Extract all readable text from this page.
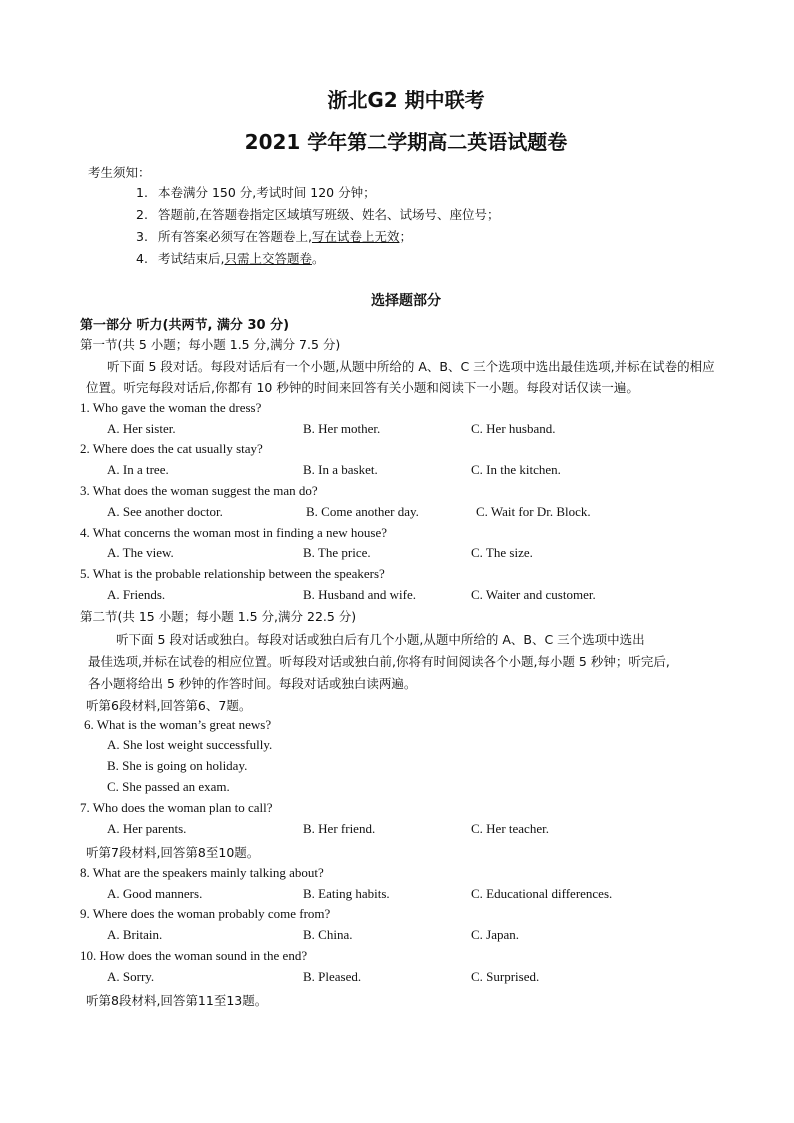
浙北G2 期中联考
2021 学年第二学期高二英语试题卷
考生须知：
1. 本卷满分 150 分,考试时间 120 分钟；
2. 答题前,在答题卷指定区域填写班级、姓名、试场号、座位号；
3. 所有答案必须写在答题卷上,写在试卷上无效；
4. 考试结束后,只需上交答题卷。
选择题部分
第一部分 听力(共两节, 满分 30 分)
第一节(共 5 小题；每小题 1.5 分,满分 7.5 分)
听下面 5 段对话。每段对话后有一个小题,从题中所给的 A、B、C 三个选项中选出最佳选项,并标在试卷的相应
位置。听完每段对话后,你都有 10 秒钟的时间来回答有关小题和阅读下一小题。每段对话仅读一遍。
1. Who gave the woman the dress?
A. Her sister.	B. Her mother.	C. Her husband.
2. Where does the cat usually stay?
A. In a tree.	B. In a basket.	C. In the kitchen.
3. What does the woman suggest the man do?
A. See another doctor.	B. Come another day.	C. Wait for Dr. Block.
4. What concerns the woman most in finding a new house?
A. The view.	B. The price.	C. The size.
5. What is the probable relationship between the speakers?
A. Friends.	B. Husband and wife.	C. Waiter and customer.
第二节(共 15 小题；每小题 1.5 分,满分 22.5 分)
听下面 5 段对话或独白。每段对话或独白后有几个小题,从题中所给的 A、B、C 三个选项中选出
最佳选项,并标在试卷的相应位置。听每段对话或独白前,你将有时间阅读各个小题,每小题 5 秒钟；听完后,
各小题将给出 5 秒钟的作答时间。每段对话或独白读两遍。
听第6段材料,回答第6、7题。
6. What is the woman’s great news?
A. She lost weight successfully.
B. She is going on holiday.
C. She passed an exam.
7. Who does the woman plan to call?
A. Her parents.	B. Her friend.	C. Her teacher.
听第7段材料,回答第8至10题。
8. What are the speakers mainly talking about?
A. Good manners.	B. Eating habits.	C. Educational differences.
9. Where does the woman probably come from?
A. Britain.	B. China.	C. Japan.
10. How does the woman sound in the end?
A. Sorry.	B. Pleased.	C. Surprised.
听第8段材料,回答第11至13题。
